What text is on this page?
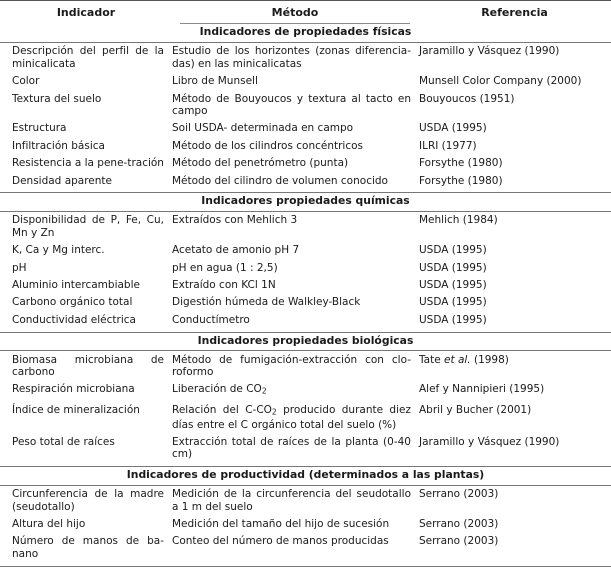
Indicador	Método	Referencia
Indicadores de propiedades físicas		
Descripción del perfil de la minicalicata	Estudio de los horizontes (zonas diferencia-das) en las minicalicatas	Jaramillo y Vásquez (1990)
Color	Libro de Munsell	Munsell Color Company (2000)
Textura del suelo	Método de Bouyoucos y textura al tacto en campo	Bouyoucos (1951)
Estructura	Soil USDA- determinada en campo	USDA (1995)
Infiltración básica	Método de los cilindros concéntricos	ILRI (1977)
Resistencia a la pene-tración	Método del penetrómetro (punta)	Forsythe (1980)
Densidad aparente	Método del cilindro de volumen conocido	Forsythe (1980)

Indicadores propiedades químicas		
Disponibilidad de P, Fe, Cu, Mn y Zn	Extraídos con Mehlich 3	Mehlich (1984)
K, Ca y Mg interc.	Acetato de amonio pH 7	USDA (1995)
pH	pH en agua (1 : 2,5)	USDA (1995)
Aluminio intercambiable	Extraído con KCl 1N	USDA (1995)
Carbono orgánico total	Digestión húmeda de Walkley-Black	USDA (1995)
Conductividad eléctrica	Conductímetro	USDA (1995)

Indicadores propiedades biológicas		
Biomasa microbiana de carbono	Método de fumigación-extracción con clo-roformo	Tate et al. (1998)
Respiración microbiana	Liberación de $CO_2$	Alef y Nannipieri (1995)
Índice de mineralización	Relación del $C-CO_2$ producido durante diez días entre el C orgánico total del suelo (%)	Abril y Bucher (2001)
Peso total de raíces	Extracción total de raíces de la planta (0-40 cm)	Jaramillo y Vásquez (1990)

Indicadores de productividad (determinados a las plantas)		
Circunferencia de la madre (seudotallo)	Medición de la circunferencia del seudotallo a 1 m del suelo	Serrano (2003)
Altura del hijo	Medición del tamaño del hijo de sucesión	Serrano (2003)
Número de manos de ba-nano	Conteo del número de manos producidas	Serrano (2003)
